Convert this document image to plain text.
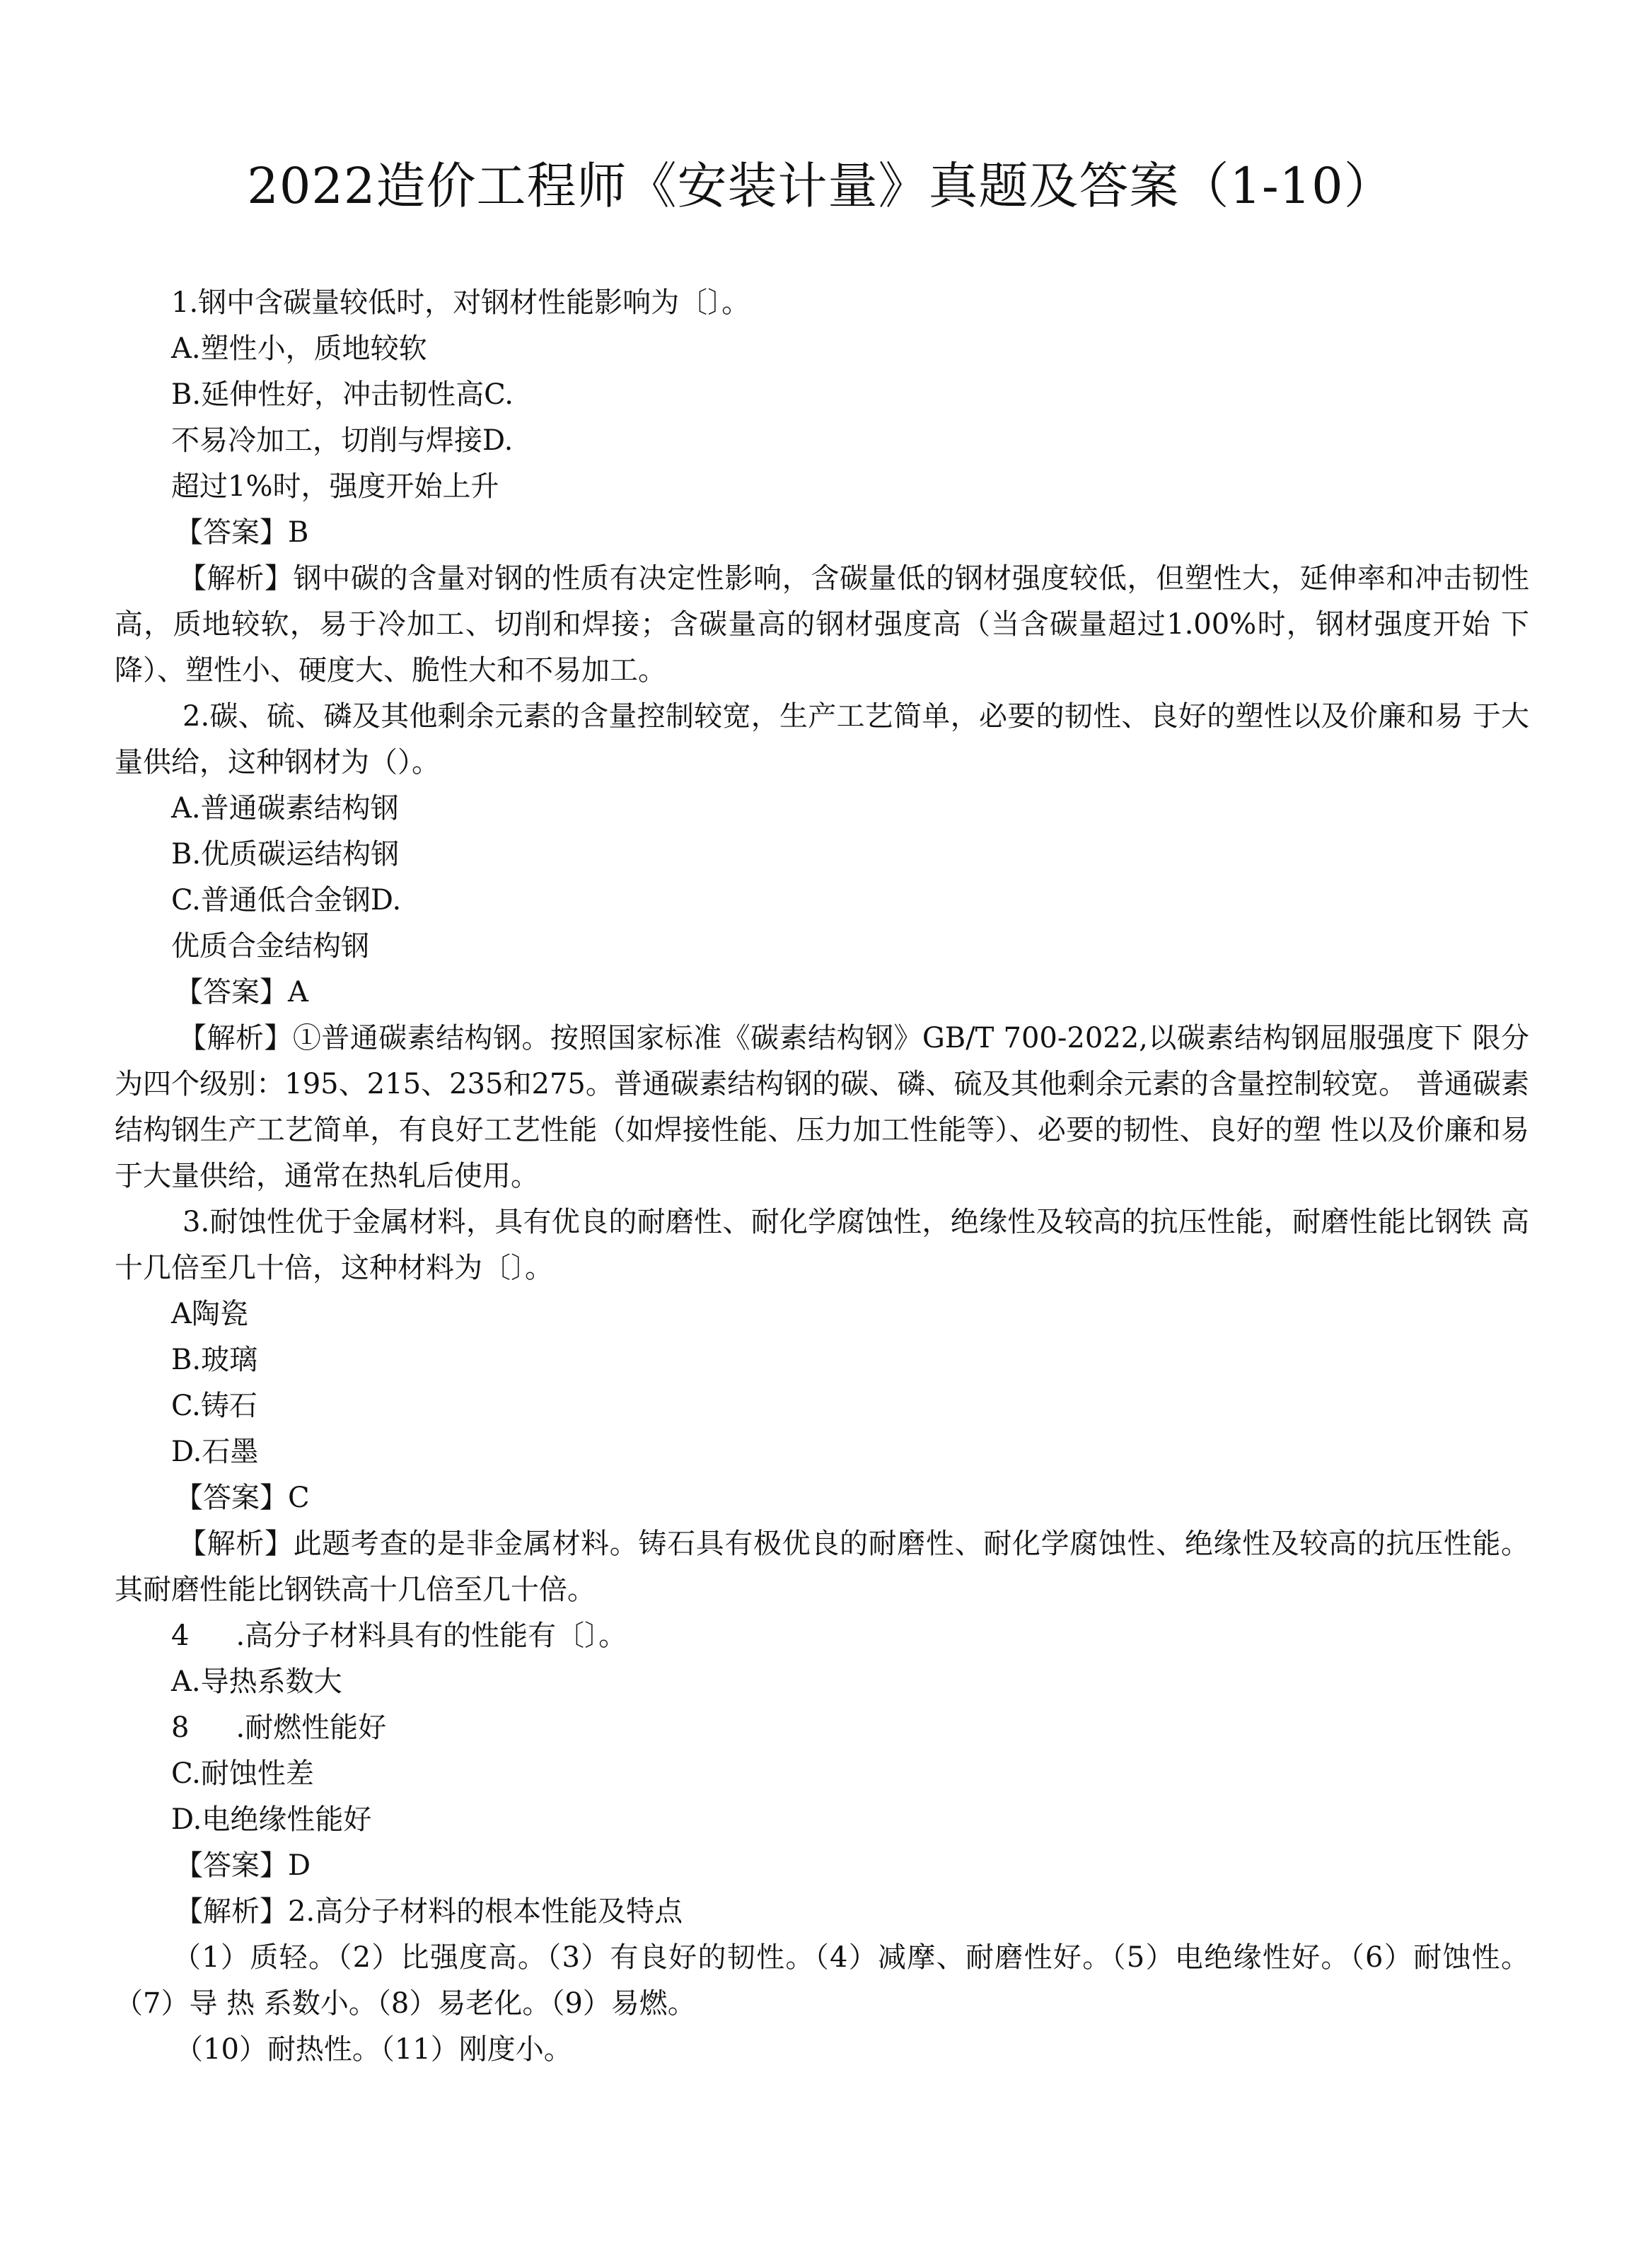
2022造价工程师《安装计量》真题及答案（1-10）
1.钢中含碳量较低时，对钢材性能影响为〔〕。
A.塑性小，质地较软
B.延伸性好，冲击韧性高C.
不易冷加工，切削与焊接D.
超过1%时，强度开始上升
【答案】B
【解析】钢中碳的含量对钢的性质有决定性影响，含碳量低的钢材强度较低，但塑性大，延伸率和冲击韧性 高，质地较软，易于冷加工、切削和焊接；含碳量高的钢材强度高（当含碳量超过1.00%时，钢材强度开始 下降）、塑性小、硬度大、脆性大和不易加工。
2.碳、硫、磷及其他剩余元素的含量控制较宽，生产工艺简单，必要的韧性、良好的塑性以及价廉和易 于大 量供给，这种钢材为（）。
A.普通碳素结构钢
B.优质碳运结构钢
C.普通低合金钢D.
优质合金结构钢
【答案】A
【解析】①普通碳素结构钢。按照国家标准《碳素结构钢》GB/T 700-2022,以碳素结构钢屈服强度下 限分为四个级别：195、215、235和275。普通碳素结构钢的碳、磷、硫及其他剩余元素的含量控制较宽。 普通碳素结构钢生产工艺简单，有良好工艺性能（如焊接性能、压力加工性能等）、必要的韧性、良好的塑 性以及价廉和易于大量供给，通常在热轧后使用。
3.耐蚀性优于金属材料，具有优良的耐磨性、耐化学腐蚀性，绝缘性及较高的抗压性能，耐磨性能比钢铁 高十几倍至几十倍，这种材料为〔〕。
A陶瓷
B.玻璃
C.铸石
D.石墨
【答案】C
【解析】此题考查的是非金属材料。铸石具有极优良的耐磨性、耐化学腐蚀性、绝缘性及较高的抗压性能。 其耐磨性能比钢铁高十几倍至几十倍。
4 .高分子材料具有的性能有〔〕。
A.导热系数大
8 .耐燃性能好
C.耐蚀性差
D.电绝缘性能好
【答案】D
【解析】2.高分子材料的根本性能及特点
（1）质轻。（2）比强度高。（3）有良好的韧性。（4）减摩、耐磨性好。（5）电绝缘性好。（6）耐蚀性。（7）导 热 系数小。（8）易老化。（9）易燃。
（10）耐热性。（11）刚度小。
